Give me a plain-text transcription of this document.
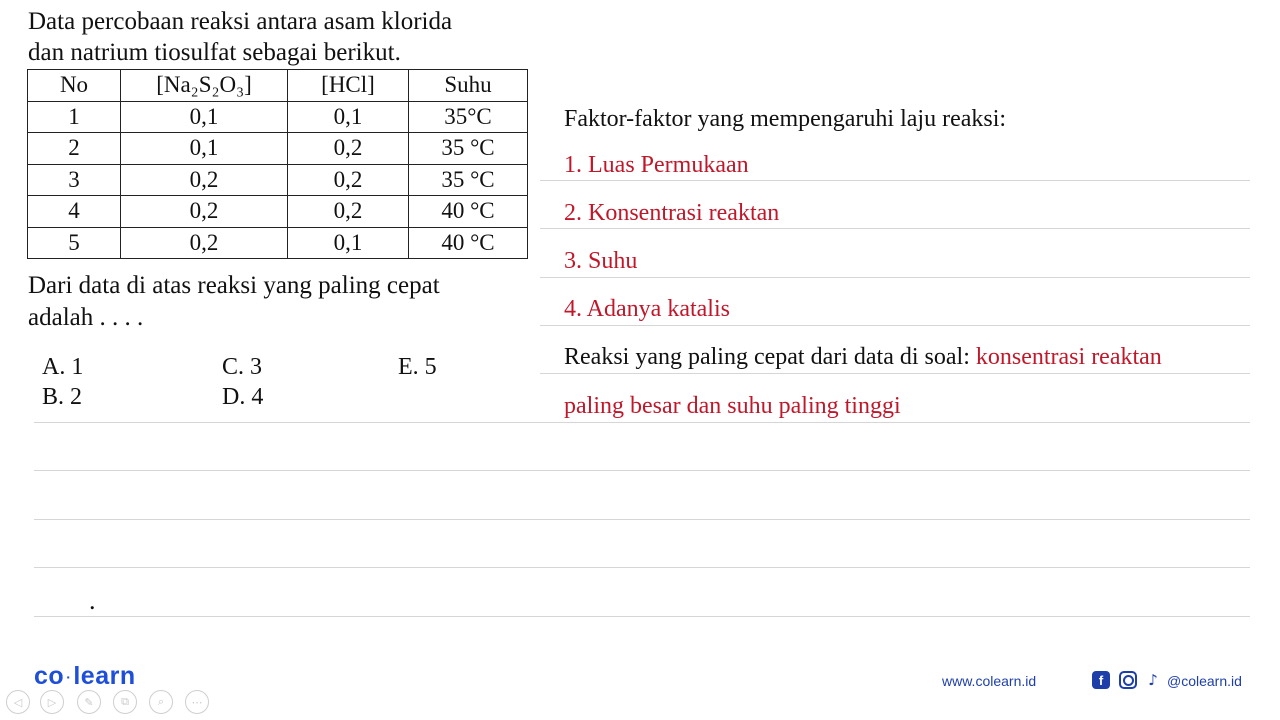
Data percobaan reaksi antara asam klorida
dan natrium tiosulfat sebagai berikut.
No	[Na₂S₂O₃]	[HCl]	Suhu
1	0,1	0,1	35°C
2	0,1	0,2	35 °C
3	0,2	0,2	35 °C
4	0,2	0,2	40 °C
5	0,2	0,1	40 °C
Dari data di atas reaksi yang paling cepat
adalah . . . .
A. 1
B. 2
C. 3
D. 4
E. 5
Faktor-faktor yang mempengaruhi laju reaksi:
1. Luas Permukaan
2. Konsentrasi reaktan
3. Suhu
4. Adanya katalis
Reaksi yang paling cepat dari data di soal: konsentrasi reaktan
paling besar dan suhu paling tinggi
.
co ·learn
◁	▷	✎	⧉	⌕	⋯
www.colearn.id	f	♪ @colearn.id
